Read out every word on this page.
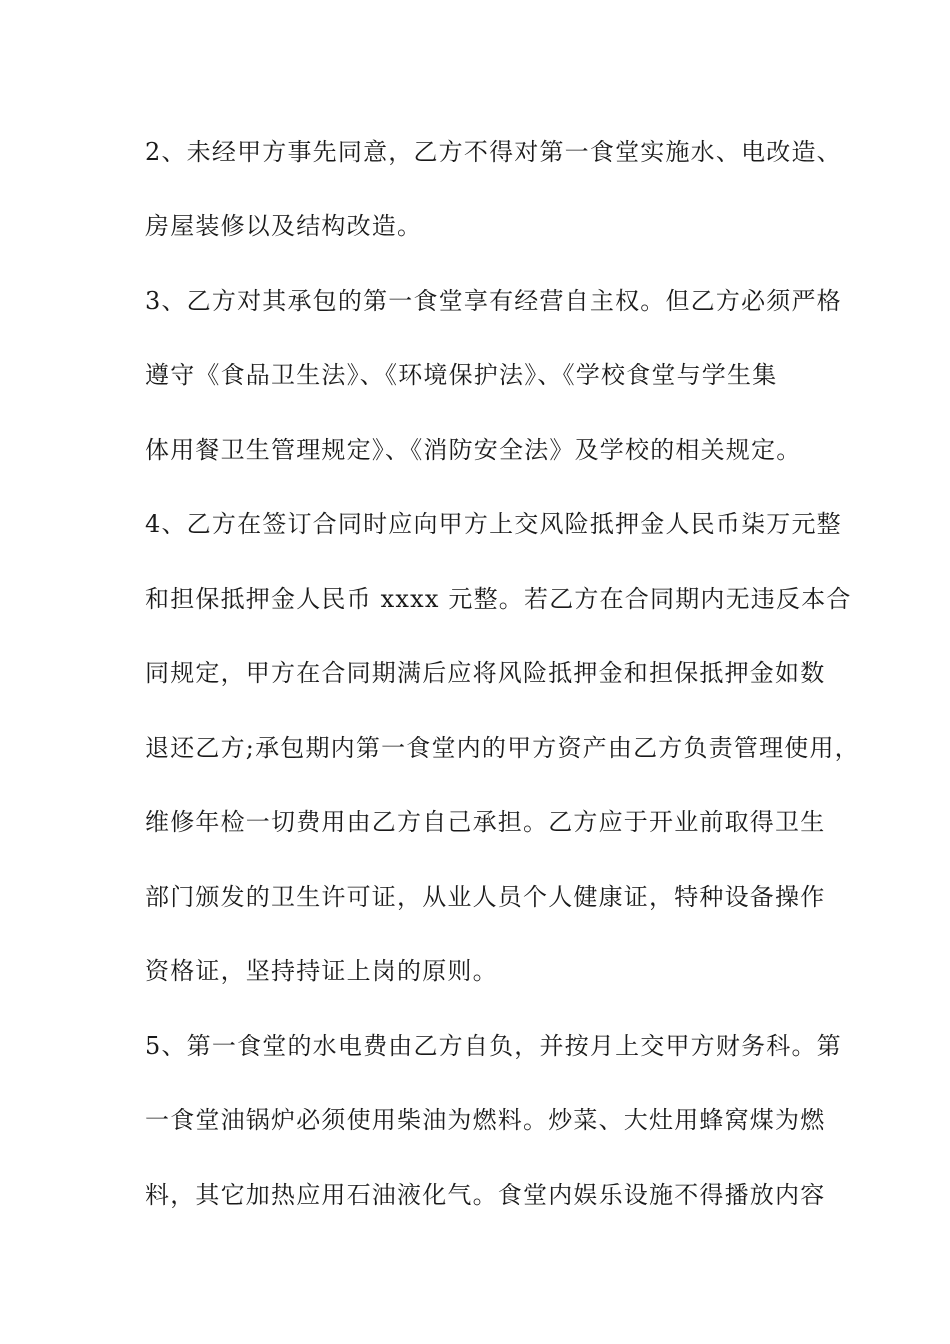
2、未经甲方事先同意，乙方不得对第一食堂实施水、电改造、
房屋装修以及结构改造。
3、乙方对其承包的第一食堂享有经营自主权。但乙方必须严格
遵守《食品卫生法》、《环境保护法》、《学校食堂与学生集
体用餐卫生管理规定》、《消防安全法》及学校的相关规定。
4、乙方在签订合同时应向甲方上交风险抵押金人民币柒万元整
和担保抵押金人民币 xxxx 元整。若乙方在合同期内无违反本合
同规定，甲方在合同期满后应将风险抵押金和担保抵押金如数
退还乙方;承包期内第一食堂内的甲方资产由乙方负责管理使用，
维修年检一切费用由乙方自己承担。乙方应于开业前取得卫生
部门颁发的卫生许可证，从业人员个人健康证，特种设备操作
资格证，坚持持证上岗的原则。
5、第一食堂的水电费由乙方自负，并按月上交甲方财务科。第
一食堂油锅炉必须使用柴油为燃料。炒菜、大灶用蜂窝煤为燃
料，其它加热应用石油液化气。食堂内娱乐设施不得播放内容
